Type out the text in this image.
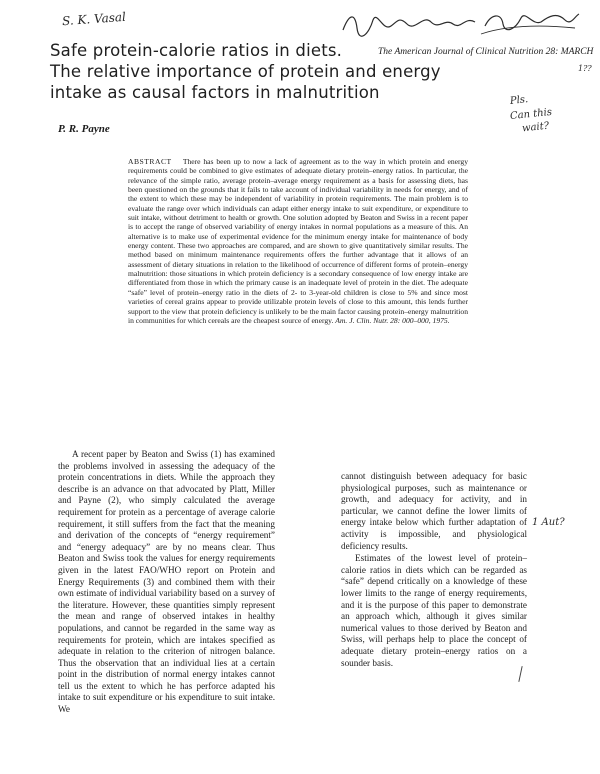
S. K. Vasal
1??
Pls.
Can this
wait?
1 Aut?
Safe protein-calorie ratios in diets.
The relative importance of protein and energy
intake as causal factors in malnutrition
The American Journal of Clinical Nutrition 28: MARCH
P. R. Payne
ABSTRACT There has been up to now a lack of agreement as to the way in which protein and energy requirements could be combined to give estimates of adequate dietary protein–energy ratios. In particular, the relevance of the simple ratio, average protein–average energy requirement as a basis for assessing diets, has been questioned on the grounds that it fails to take account of individual variability in needs for energy, and of the extent to which these may be independent of variability in protein requirements. The main problem is to evaluate the range over which individuals can adapt either energy intake to suit expenditure, or expenditure to suit intake, without detriment to health or growth. One solution adopted by Beaton and Swiss in a recent paper is to accept the range of observed variability of energy intakes in normal populations as a measure of this. An alternative is to make use of experimental evidence for the minimum energy intake for maintenance of body energy content. These two approaches are compared, and are shown to give quantitatively similar results. The method based on minimum maintenance requirements offers the further advantage that it allows of an assessment of dietary situations in relation to the likelihood of occurrence of different forms of protein–energy malnutrition: those situations in which protein deficiency is a secondary consequence of low energy intake are differentiated from those in which the primary cause is an inadequate level of protein in the diet. The adequate “safe” level of protein–energy ratio in the diets of 2- to 3-year-old children is close to 5% and since most varieties of cereal grains appear to provide utilizable protein levels of close to this amount, this lends further support to the view that protein deficiency is unlikely to be the main factor causing protein–energy malnutrition in communities for which cereals are the cheapest source of energy. Am. J. Clin. Nutr. 28: 000–000, 1975.

A recent paper by Beaton and Swiss (1) has examined the problems involved in assessing the adequacy of the protein concentrations in diets. While the approach they describe is an advance on that advocated by Platt, Miller and Payne (2), who simply calculated the average requirement for protein as a percentage of average calorie requirement, it still suffers from the fact that the meaning and derivation of the concepts of “energy requirement” and “energy adequacy” are by no means clear. Thus Beaton and Swiss took the values for energy requirements given in the latest FAO/WHO report on Protein and Energy Requirements (3) and combined them with their own estimate of individual variability based on a survey of the literature. However, these quantities simply represent the mean and range of observed intakes in healthy populations, and cannot be regarded in the same way as requirements for protein, which are intakes specified as adequate in relation to the criterion of nitrogen balance. Thus the observation that an individual lies at a certain point in the distribution of normal energy intakes cannot tell us the extent to which he has perforce adapted his intake to suit expenditure or his expenditure to suit intake. We

cannot distinguish between adequacy for basic physiological purposes, such as maintenance or growth, and adequacy for activity, and in particular, we cannot define the lower limits of energy intake below which further adaptation of activity is impossible, and physiological deficiency results.

Estimates of the lowest level of protein–calorie ratios in diets which can be regarded as “safe” depend critically on a knowledge of these lower limits to the range of energy requirements, and it is the purpose of this paper to demonstrate an approach which, although it gives similar numerical values to those derived by Beaton and Swiss, will perhaps help to place the concept of adequate dietary protein–energy ratios on a sounder basis.
